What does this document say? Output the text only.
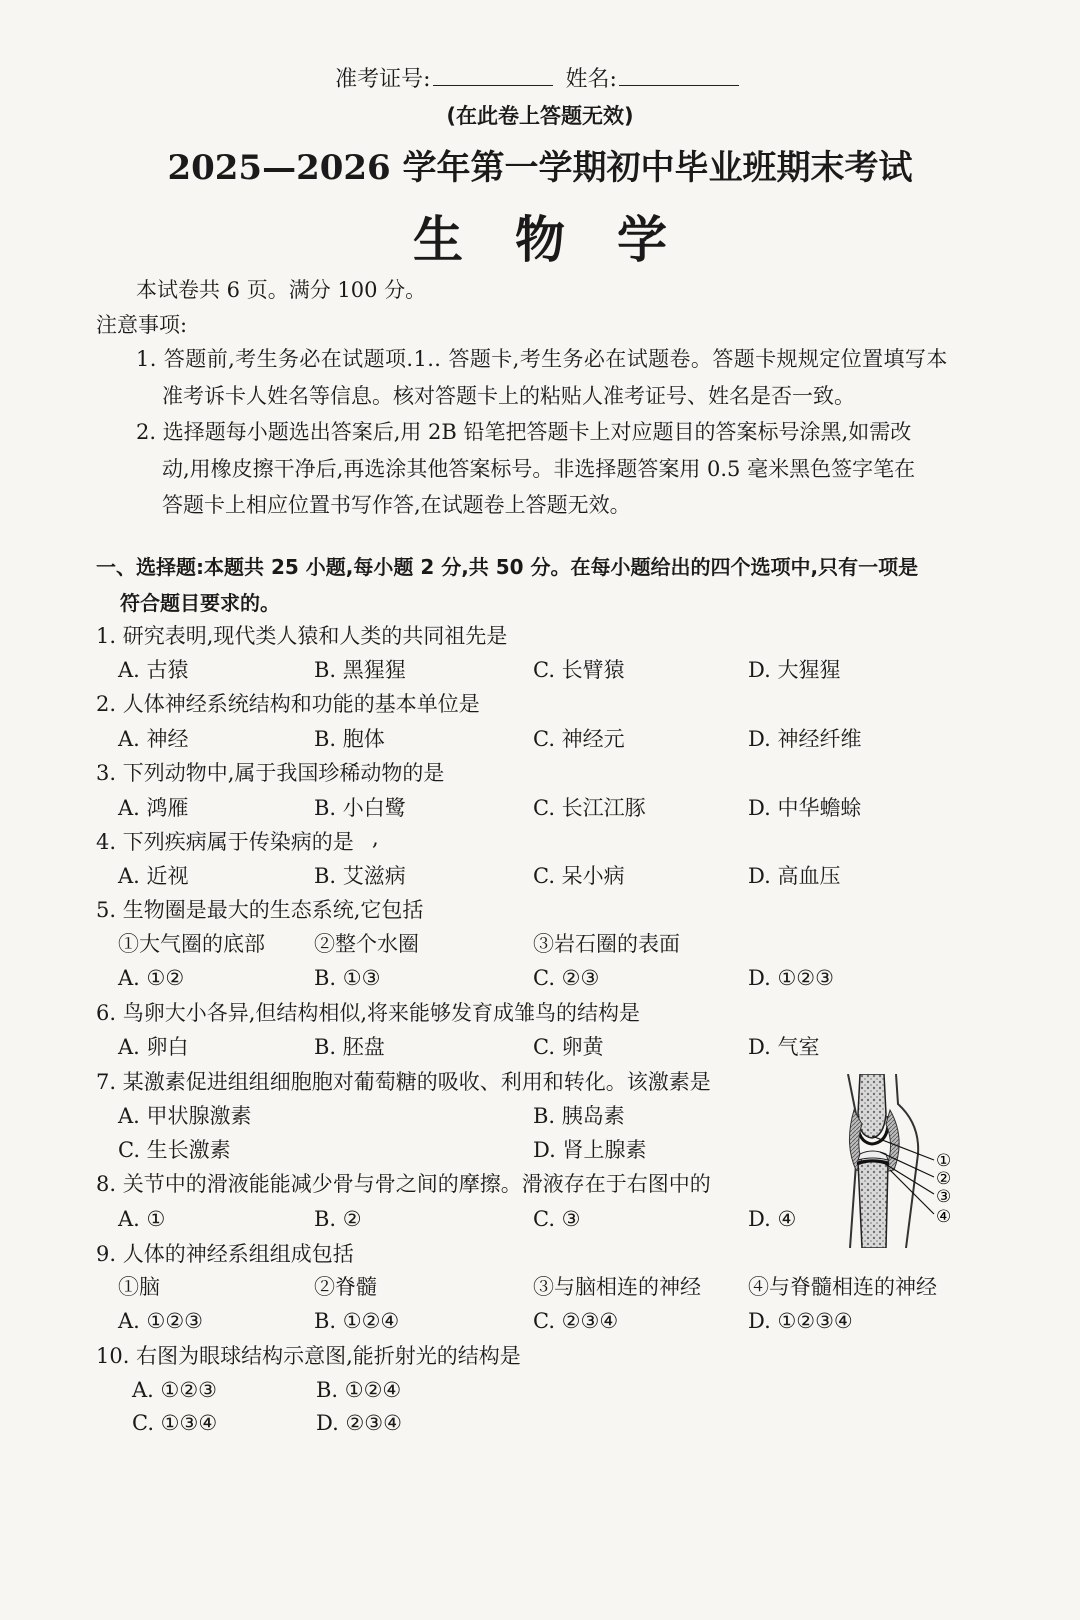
准考证号:	姓名:
(在此卷上答题无效)
2025—2026 学年第一学期初中毕业班期末考试
生物学
本试卷共 6 页。满分 100 分。
注意事项:
1. 答题前,考生务必在试题项.1.. 答题卡,考生务必在试题卷。答题卡规规定位置填写本
准考诉卡人姓名等信息。核对答题卡上的粘贴人准考证号、姓名是否一致。
2. 选择题每小题选出答案后,用 2B 铅笔把答题卡上对应题目的答案标号涂黑,如需改
动,用橡皮擦干净后,再选涂其他答案标号。非选择题答案用 0.5 毫米黑色签字笔在
答题卡上相应位置书写作答,在试题卷上答题无效。
一、选择题:本题共 25 小题,每小题 2 分,共 50 分。在每小题给出的四个选项中,只有一项是
符合题目要求的。
1. 研究表明,现代类人猿和人类的共同祖先是
A. 古猿	B. 黑猩猩	C. 长臂猿	D. 大猩猩
2. 人体神经系统结构和功能的基本单位是
A. 神经	B. 胞体	C. 神经元	D. 神经纤维
3. 下列动物中,属于我国珍稀动物的是
A. 鸿雁	B. 小白鹭	C. 长江江豚	D. 中华蟾蜍
4. 下列疾病属于传染病的是 ,
A. 近视	B. 艾滋病	C. 呆小病	D. 高血压
5. 生物圈是最大的生态系统,它包括
①大气圈的底部 ②整个水圈	③岩石圈的表面
A. ①②	B. ①③	C. ②③	D. ①②③
6. 鸟卵大小各异,但结构相似,将来能够发育成雏鸟的结构是
A. 卵白	B. 胚盘	C. 卵黄	D. 气室
7. 某激素促进组组细胞胞对葡萄糖的吸收、利用和转化。该激素是
A. 甲状腺激素	B. 胰岛素
C. 生长激素	D. 肾上腺素
8. 关节中的滑液能能减少骨与骨之间的摩擦。滑液存在于右图中的
A. ①	B. ②	C. ③	D. ④
①
②
③
④
9. 人体的神经系组组成包括
①脑	②脊髓	③与脑相连的神经 ④与脊髓相连的神经
A. ①②③	B. ①②④	C. ②③④	D. ①②③④
10. 右图为眼球结构示意图,能折射光的结构是
A. ①②③	B. ①②④
C. ①③④	D. ②③④
